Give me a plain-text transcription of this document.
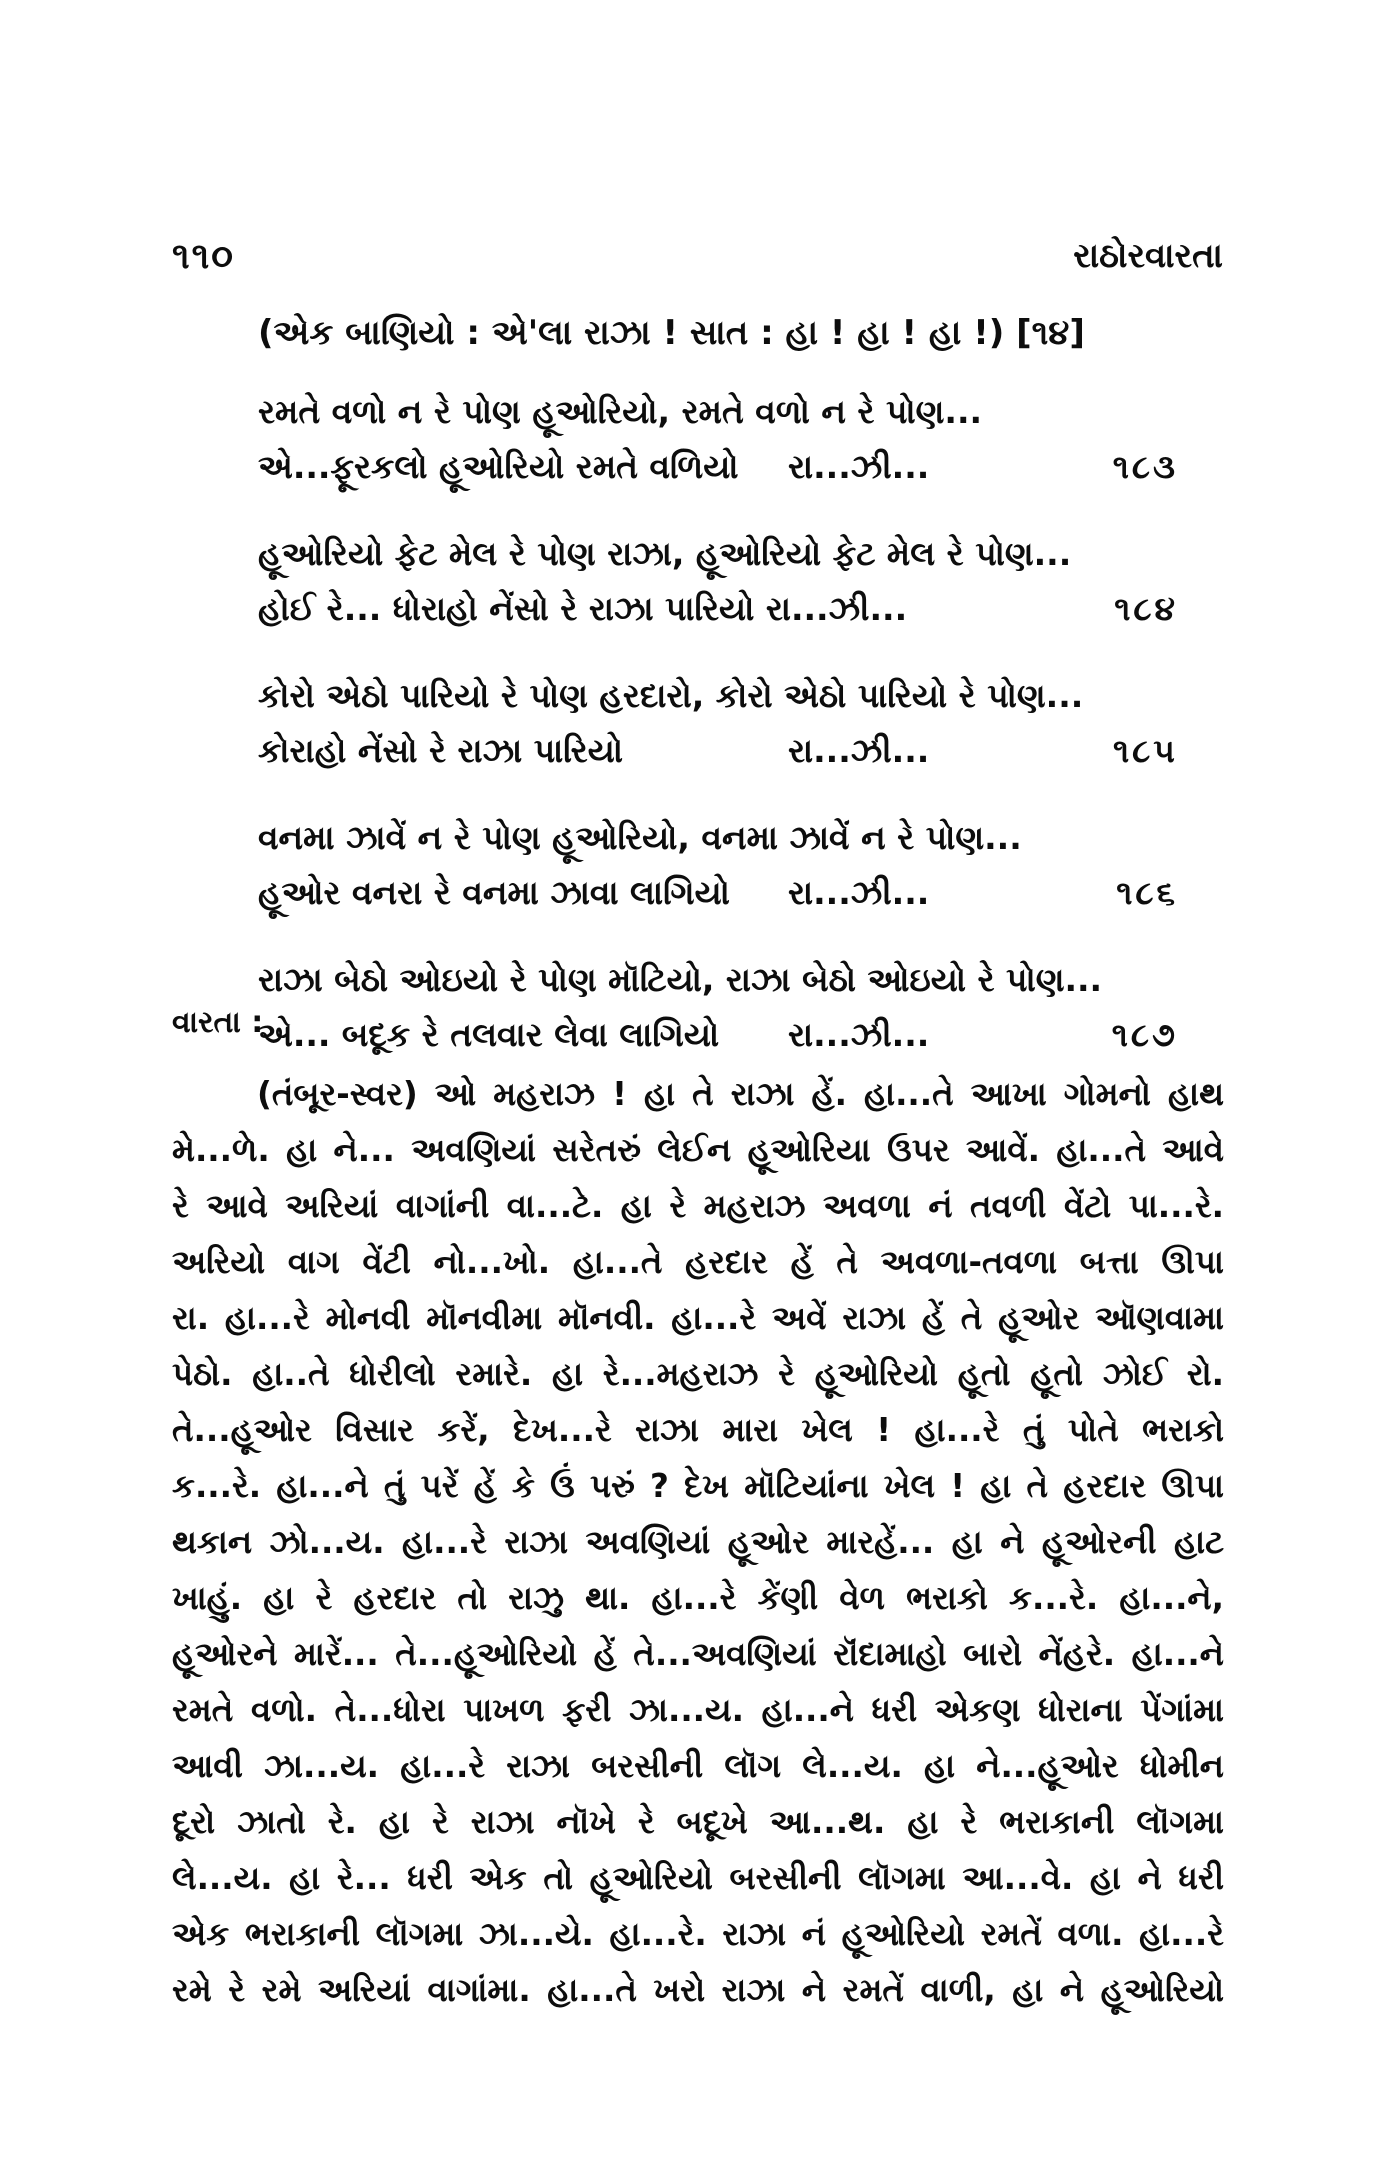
૧૧૦	રાઠોરવારતા
(એક બાણિયો : એ'લા રાઝા ! સાત : હા ! હા ! હા !) [૧૪]
રમતે વળો ન રે પોણ હૂઓરિયો, રમતે વળો ન રે પોણ...
એ...ફૂરકલો હૂઓરિયો રમતે વળિયો રા...ઝી...	૧૮૩
હૂઓરિયો ફેટ મેલ રે પોણ રાઝા, હૂઓરિયો ફેટ મેલ રે પોણ...
હોઈ રે... ધોરાહો નેંસો રે રાઝા પારિયો રા...ઝી...	૧૮૪
કોરો એઠો પારિયો રે પોણ હરદારો, કોરો એઠો પારિયો રે પોણ...
કોરાહો નેંસો રે રાઝા પારિયો	રા...ઝી...	૧૮૫
વનમા ઝાવેં ન રે પોણ હૂઓરિયો, વનમા ઝાવેં ન રે પોણ...
હૂઓર વનરા રે વનમા ઝાવા લાગિયો રા...ઝી...	૧૮૬
રાઝા બેઠો ઓઇયો રે પોણ મૉટિયો, રાઝા બેઠો ઓઇયો રે પોણ...
એ... બદૂક રે તલવાર લેવા લાગિયો રા...ઝી...	૧૮૭
વારતા :
(તંબૂર-સ્વર) ઓ મહરાઝ ! હા તે રાઝા હેં. હા...તે આખા ગોમનો હાથ
મે...ળે. હા ને... અવણિયાં સરેતરું લેઈન હૂઓરિયા ઉપર આવેં. હા...તે આવે
રે આવે અરિયાં વાગાંની વા...ટે. હા રે મહરાઝ અવળા નં તવળી વેંટો પા...રે.
અરિયો વાગ વેંટી નો...ખો. હા...તે હરદાર હેં તે અવળા-તવળા બત્તા ઊપા
રા. હા...રે મોનવી મૉનવીમા મૉનવી. હા...રે અવેં રાઝા હેં તે હૂઓર ઑણવામા
પેઠો. હા..તે ધોરીલો રમારે. હા રે...મહરાઝ રે હૂઓરિયો હૂતો હૂતો ઝોઈ રો.
તે...હૂઓર વિસાર કરેં, દેખ...રે રાઝા મારા ખેલ ! હા...રે તું પોતે ભરાકો
ક...રે. હા...ને તું પરેં હેં કે ઉં પરું ? દેખ મૉટિયાંના ખેલ ! હા તે હરદાર ઊપા
થકાન ઝો...ય. હા...રે રાઝા અવણિયાં હૂઓર મારહેં... હા ને હૂઓરની હાટ
ખાહું. હા રે હરદાર તો રાઝુ થા. હા...રે કેંણી વેળ ભરાકો ક...રે. હા...ને,
હૂઓરને મારેં... તે...હૂઓરિયો હેં તે...અવણિયાં રૉંદામાહો બારો નેંહરે. હા...ને
રમતે વળો. તે...ધોરા પાખળ ફરી ઝા...ય. હા...ને ધરી એકણ ધોરાના પેંગાંમા
આવી ઝા...ય. હા...રે રાઝા બરસીની લૉગ લે...ય. હા ને...હૂઓર ધોમીન
દૂરો ઝાતો રે. હા રે રાઝા નૉખે રે બદૂખે આ...થ. હા રે ભરાકાની લૉગમા
લે...ય. હા રે... ધરી એક તો હૂઓરિયો બરસીની લૉગમા આ...વે. હા ને ધરી
એક ભરાકાની લૉગમા ઝા...યે. હા...રે. રાઝા નં હૂઓરિયો રમતેં વળા. હા...રે
રમે રે રમે અરિયાં વાગાંમા. હા...તે ખરો રાઝા ને રમતેં વાળી, હા ને હૂઓરિયો
